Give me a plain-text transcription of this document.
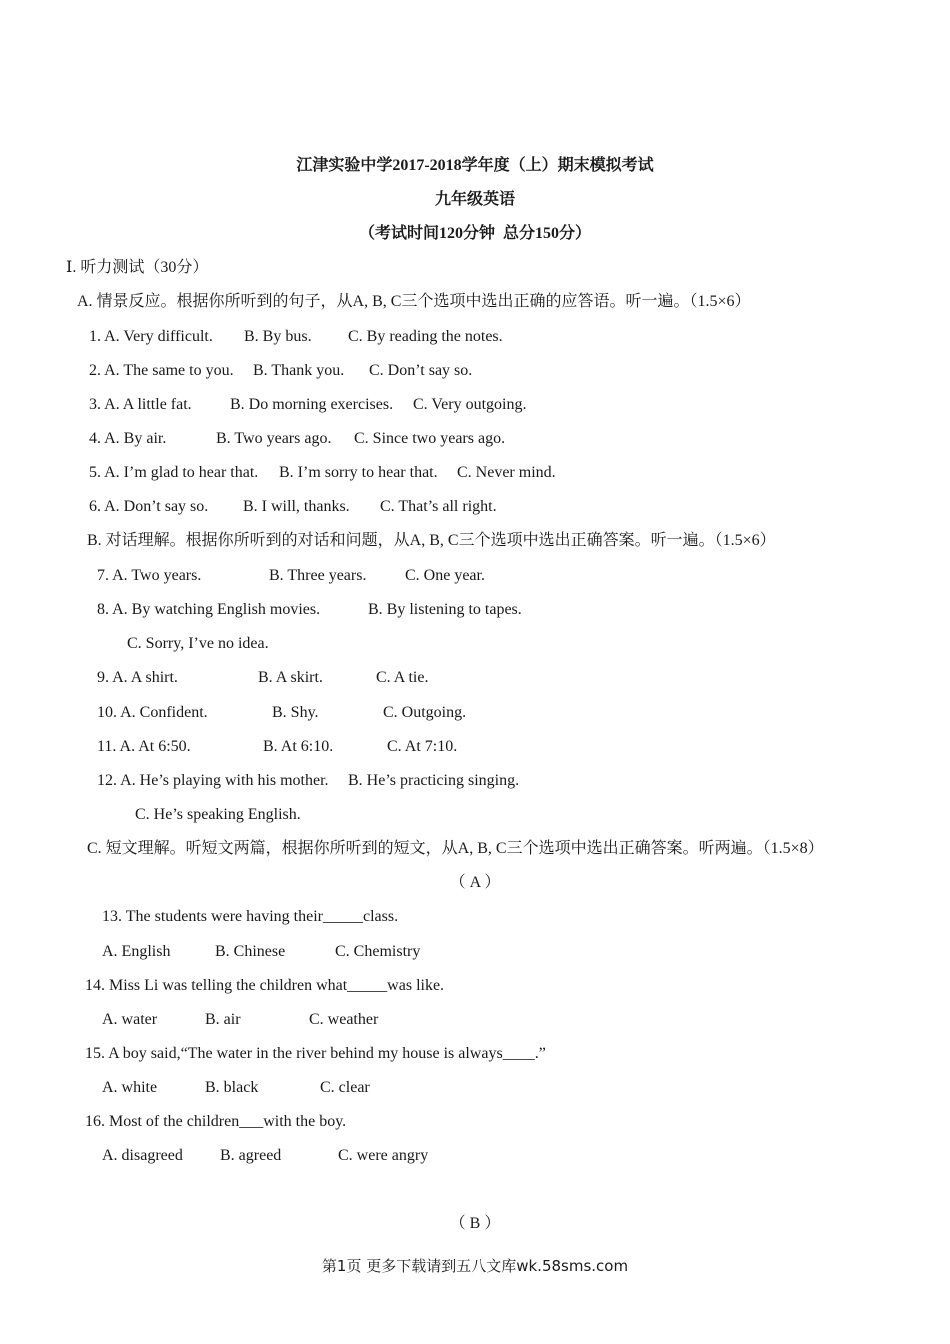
江津实验中学2017-2018学年度（上）期末模拟考试
九年级英语
（考试时间120分钟  总分150分）
Ⅰ. 听力测试（30分）
A. 情景反应。根据你所听到的句子，从A, B, C三个选项中选出正确的应答语。听一遍。（1.5×6）
1. A. Very difficult. B. By bus. C. By reading the notes.
2. A. The same to you. B. Thank you. C. Don’t say so.
3. A. A little fat. B. Do morning exercises. C. Very outgoing.
4. A. By air.	B. Two years ago. C. Since two years ago.
5. A. I’m glad to hear that. B. I’m sorry to hear that. C. Never mind.
6. A. Don’t say so. B. I will, thanks. C. That’s all right.
B. 对话理解。根据你所听到的对话和问题，从A, B, C三个选项中选出正确答案。听一遍。（1.5×6）
7. A. Two years.	B. Three years. C. One year.
8. A. By watching English movies.	B. By listening to tapes.
C. Sorry, I’ve no idea.
9. A. A shirt.	B. A skirt.	C. A tie.
10. A. Confident.	B. Shy.	C. Outgoing.
11. A. At 6:50.	B. At 6:10.	C. At 7:10.
12. A. He’s playing with his mother. B. He’s practicing singing.
C. He’s speaking English.
C. 短文理解。听短文两篇，根据你所听到的短文，从A, B, C三个选项中选出正确答案。听两遍。（1.5×8）
（ A ）
13. The students were having their_____class.
A. English	B. Chinese	C. Chemistry
14. Miss Li was telling the children what_____was like.
A. water	B. air	C. weather
15. A boy said,“The water in the river behind my house is always____.”
A. white	B. black	C. clear
16. Most of the children___with the boy.
A. disagreed B. agreed	C. were angry
（ B ）
第1页 更多下载请到五八文库wk.58sms.com
